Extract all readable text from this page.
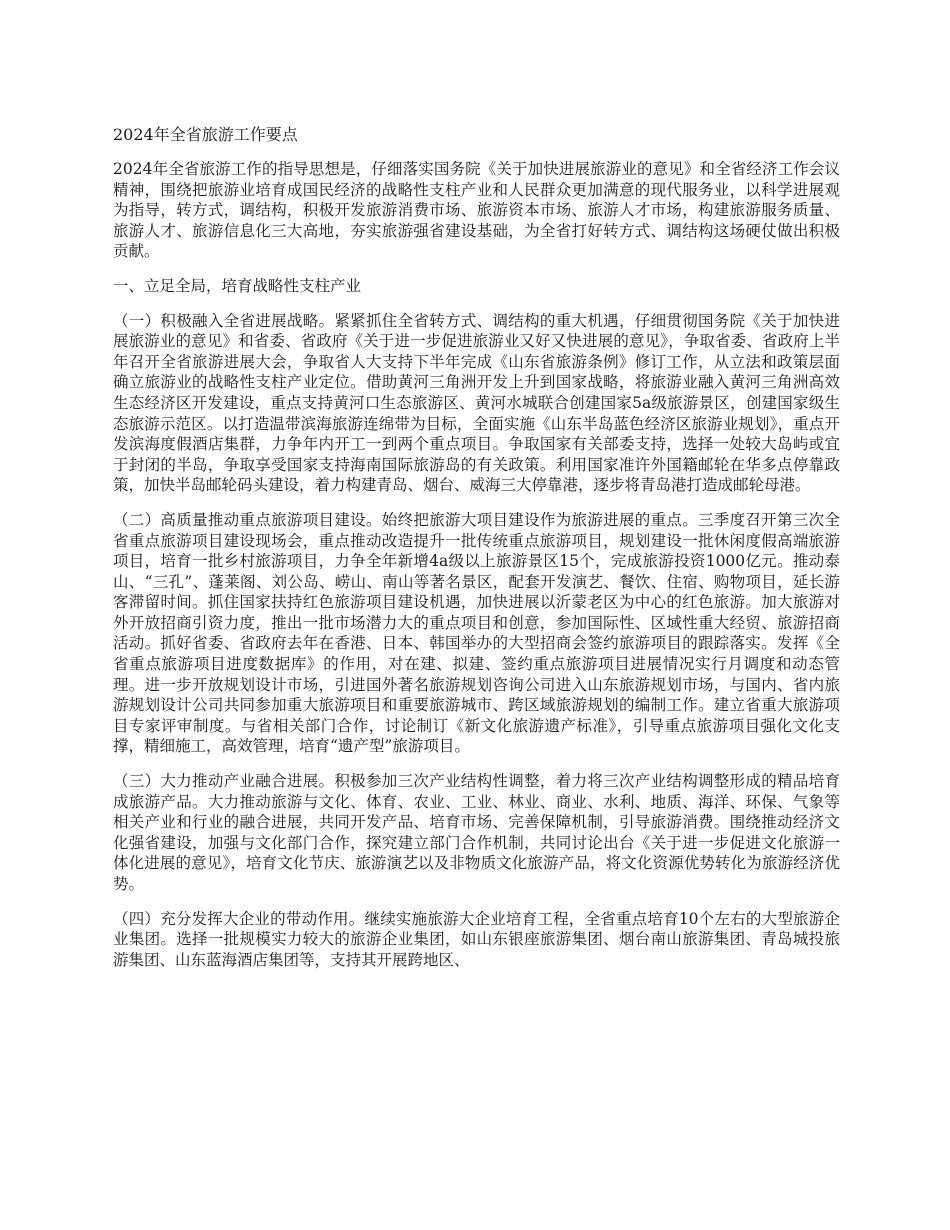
2024年全省旅游工作要点
2024年全省旅游工作的指导思想是，仔细落实国务院《关于加快进展旅游业的意见》和全省经济工作会议精神，围绕把旅游业培育成国民经济的战略性支柱产业和人民群众更加满意的现代服务业，以科学进展观为指导，转方式，调结构，积极开发旅游消费市场、旅游资本市场、旅游人才市场，构建旅游服务质量、旅游人才、旅游信息化三大高地，夯实旅游强省建设基础，为全省打好转方式、调结构这场硬仗做出积极贡献。
一、立足全局，培育战略性支柱产业
（一）积极融入全省进展战略。紧紧抓住全省转方式、调结构的重大机遇，仔细贯彻国务院《关于加快进展旅游业的意见》和省委、省政府《关于进一步促进旅游业又好又快进展的意见》，争取省委、省政府上半年召开全省旅游进展大会，争取省人大支持下半年完成《山东省旅游条例》修订工作，从立法和政策层面确立旅游业的战略性支柱产业定位。借助黄河三角洲开发上升到国家战略，将旅游业融入黄河三角洲高效生态经济区开发建设，重点支持黄河口生态旅游区、黄河水城联合创建国家5a级旅游景区，创建国家级生态旅游示范区。以打造温带滨海旅游连绵带为目标，全面实施《山东半岛蓝色经济区旅游业规划》，重点开发滨海度假酒店集群，力争年内开工一到两个重点项目。争取国家有关部委支持，选择一处较大岛屿或宜于封闭的半岛，争取享受国家支持海南国际旅游岛的有关政策。利用国家准许外国籍邮轮在华多点停靠政策，加快半岛邮轮码头建设，着力构建青岛、烟台、威海三大停靠港，逐步将青岛港打造成邮轮母港。
（二）高质量推动重点旅游项目建设。始终把旅游大项目建设作为旅游进展的重点。三季度召开第三次全省重点旅游项目建设现场会，重点推动改造提升一批传统重点旅游项目，规划建设一批休闲度假高端旅游项目，培育一批乡村旅游项目，力争全年新增4a级以上旅游景区15个，完成旅游投资1000亿元。推动泰山、“三孔”、蓬莱阁、刘公岛、崂山、南山等著名景区，配套开发演艺、餐饮、住宿、购物项目，延长游客滞留时间。抓住国家扶持红色旅游项目建设机遇，加快进展以沂蒙老区为中心的红色旅游。加大旅游对外开放招商引资力度，推出一批市场潜力大的重点项目和创意，参加国际性、区域性重大经贸、旅游招商活动。抓好省委、省政府去年在香港、日本、韩国举办的大型招商会签约旅游项目的跟踪落实。发挥《全省重点旅游项目进度数据库》的作用，对在建、拟建、签约重点旅游项目进展情况实行月调度和动态管理。进一步开放规划设计市场，引进国外著名旅游规划咨询公司进入山东旅游规划市场，与国内、省内旅游规划设计公司共同参加重大旅游项目和重要旅游城市、跨区域旅游规划的编制工作。建立省重大旅游项目专家评审制度。与省相关部门合作，讨论制订《新文化旅游遗产标准》，引导重点旅游项目强化文化支撑，精细施工，高效管理，培育“遗产型”旅游项目。
（三）大力推动产业融合进展。积极参加三次产业结构性调整，着力将三次产业结构调整形成的精品培育成旅游产品。大力推动旅游与文化、体育、农业、工业、林业、商业、水利、地质、海洋、环保、气象等相关产业和行业的融合进展，共同开发产品、培育市场、完善保障机制，引导旅游消费。围绕推动经济文化强省建设，加强与文化部门合作，探究建立部门合作机制，共同讨论出台《关于进一步促进文化旅游一体化进展的意见》，培育文化节庆、旅游演艺以及非物质文化旅游产品，将文化资源优势转化为旅游经济优势。
（四）充分发挥大企业的带动作用。继续实施旅游大企业培育工程，全省重点培育10个左右的大型旅游企业集团。选择一批规模实力较大的旅游企业集团，如山东银座旅游集团、烟台南山旅游集团、青岛城投旅游集团、山东蓝海酒店集团等，支持其开展跨地区、
